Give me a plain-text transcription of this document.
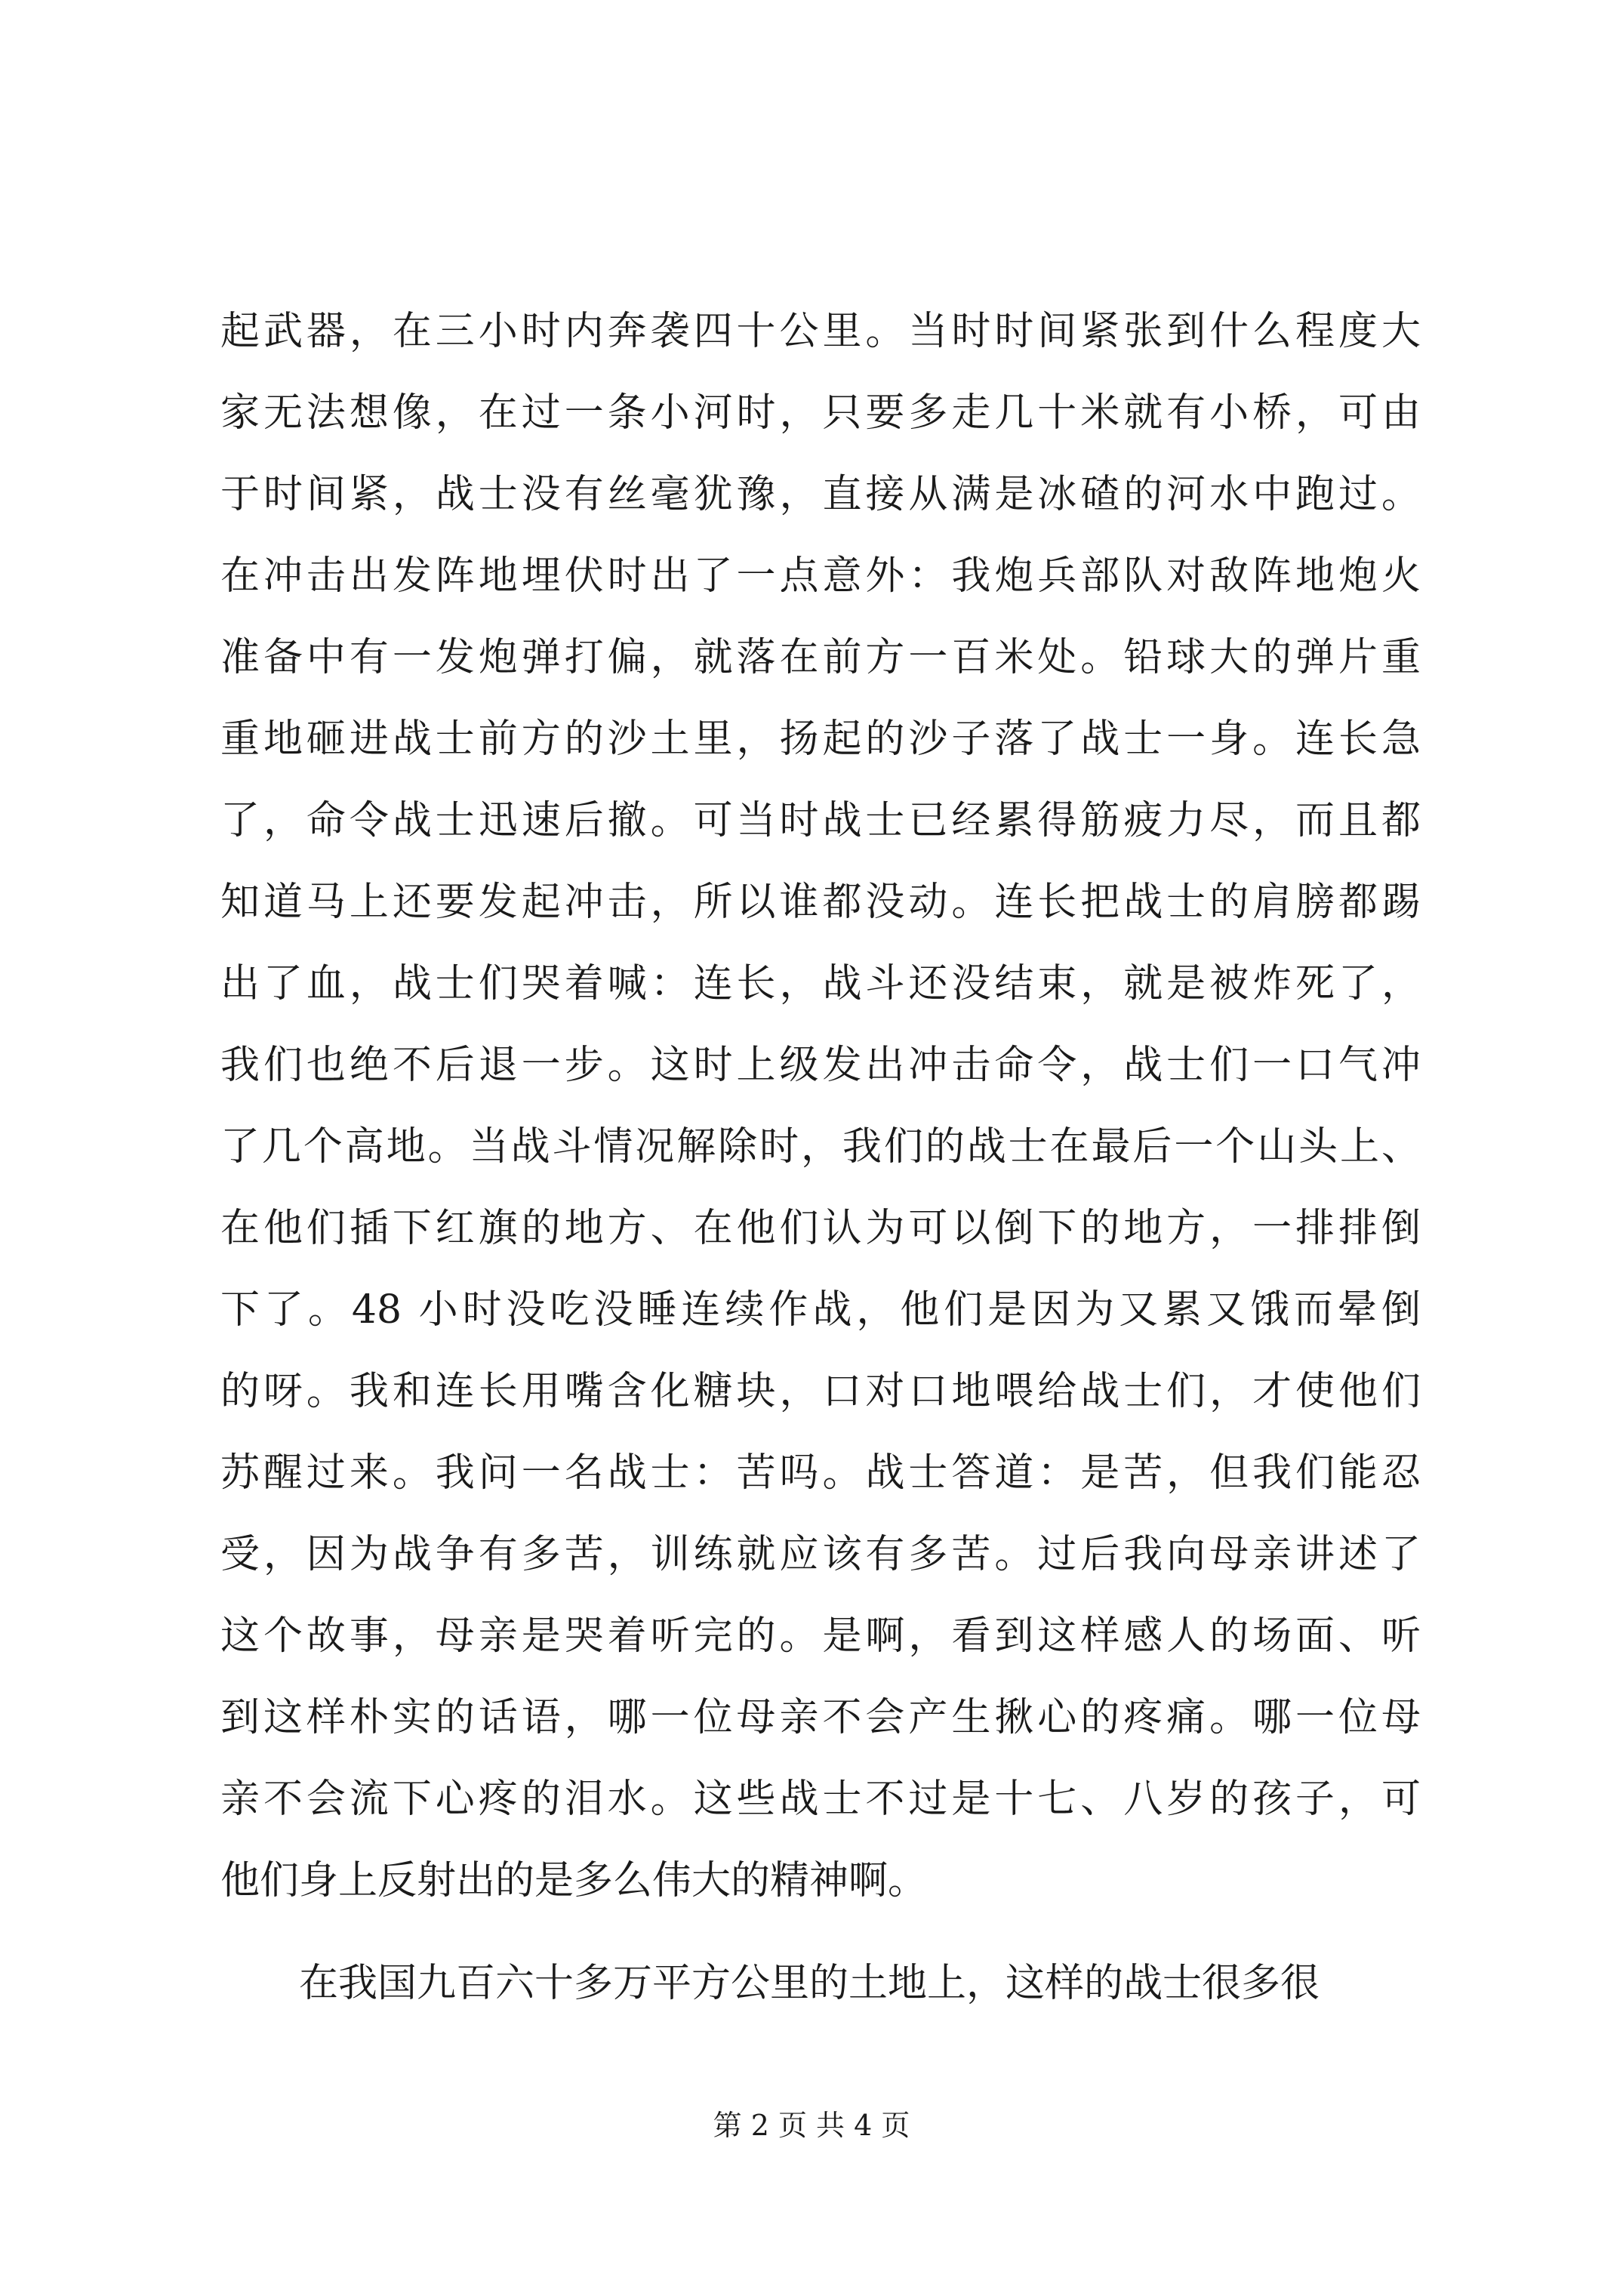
起武器，在三小时内奔袭四十公里。当时时间紧张到什么程度大
家无法想像，在过一条小河时，只要多走几十米就有小桥，可由
于时间紧，战士没有丝毫犹豫，直接从满是冰碴的河水中跑过。
在冲击出发阵地埋伏时出了一点意外：我炮兵部队对敌阵地炮火
准备中有一发炮弹打偏，就落在前方一百米处。铅球大的弹片重
重地砸进战士前方的沙土里，扬起的沙子落了战士一身。连长急
了，命令战士迅速后撤。可当时战士已经累得筋疲力尽，而且都
知道马上还要发起冲击，所以谁都没动。连长把战士的肩膀都踢
出了血，战士们哭着喊：连长，战斗还没结束，就是被炸死了，
我们也绝不后退一步。这时上级发出冲击命令，战士们一口气冲
了几个高地。当战斗情况解除时，我们的战士在最后一个山头上、
在他们插下红旗的地方、在他们认为可以倒下的地方，一排排倒
下了。48 小时没吃没睡连续作战，他们是因为又累又饿而晕倒
的呀。我和连长用嘴含化糖块，口对口地喂给战士们，才使他们
苏醒过来。我问一名战士：苦吗。战士答道：是苦，但我们能忍
受，因为战争有多苦，训练就应该有多苦。过后我向母亲讲述了
这个故事，母亲是哭着听完的。是啊，看到这样感人的场面、听
到这样朴实的话语，哪一位母亲不会产生揪心的疼痛。哪一位母
亲不会流下心疼的泪水。这些战士不过是十七、八岁的孩子，可
他们身上反射出的是多么伟大的精神啊。
在我国九百六十多万平方公里的土地上，这样的战士很多很
第 2 页 共 4 页
